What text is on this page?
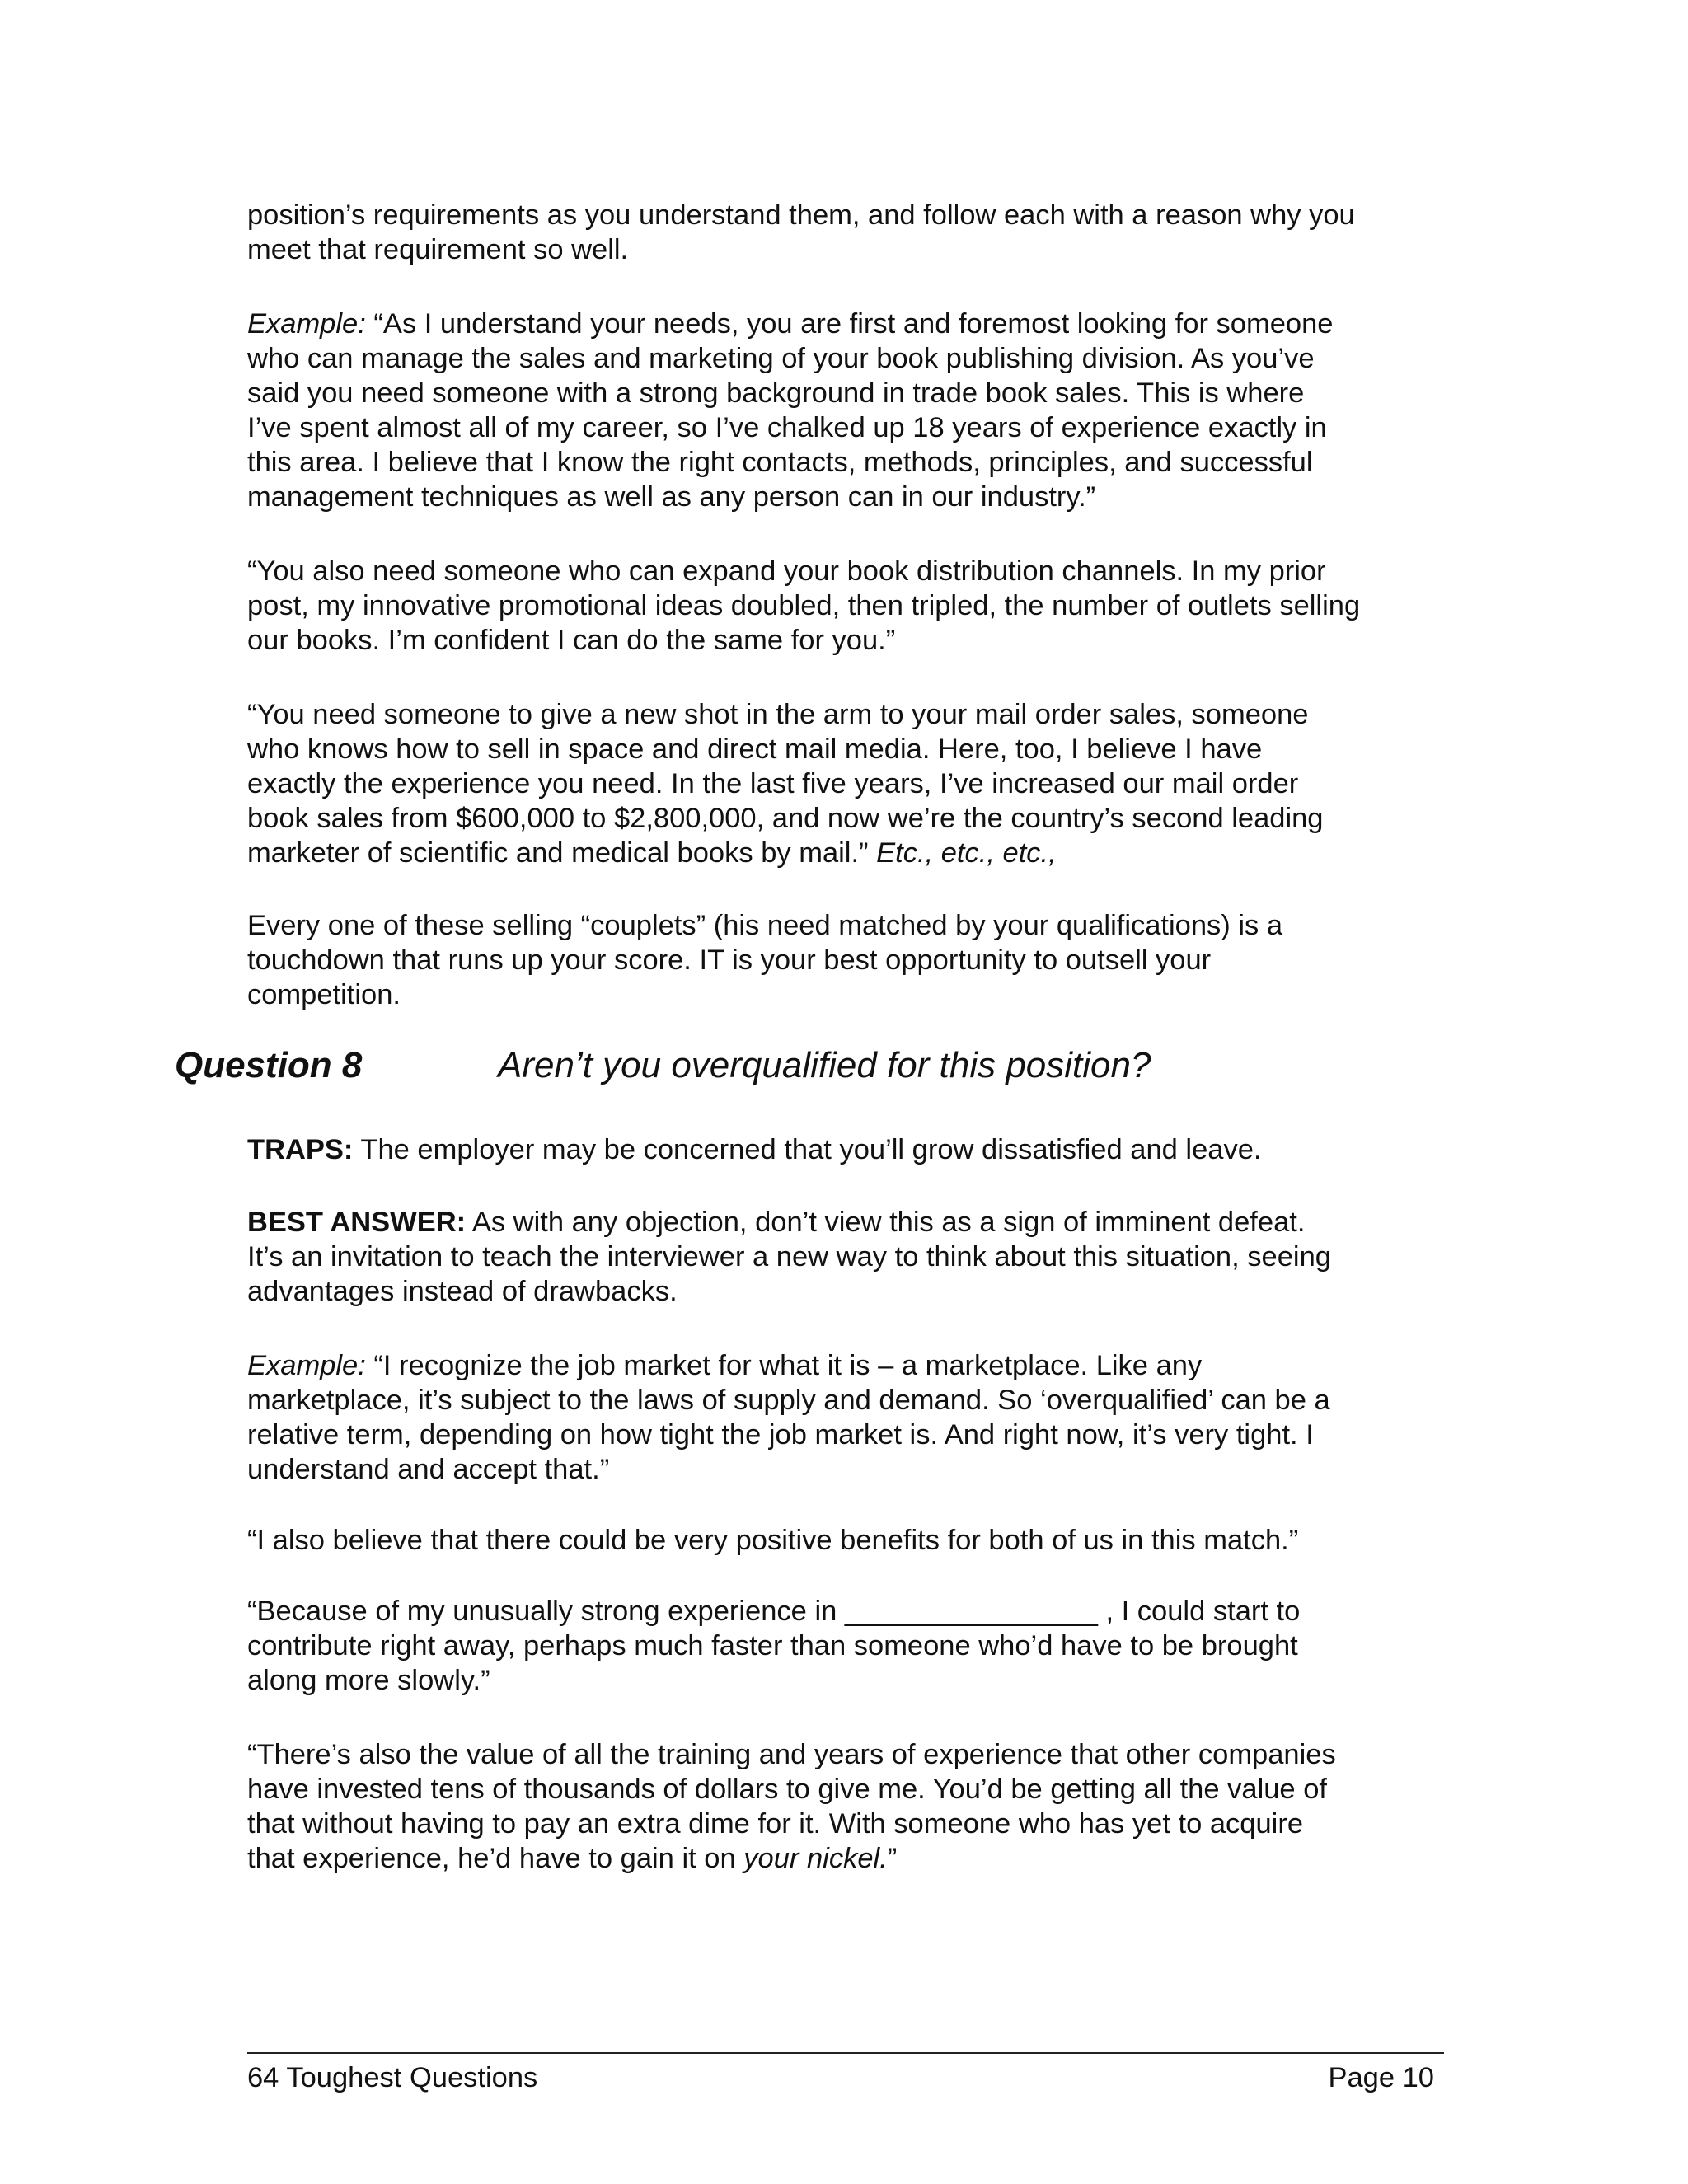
position’s requirements as you understand them, and follow each with a reason why you
meet that requirement so well.

Example: “As I understand your needs, you are first and foremost looking for someone
who can manage the sales and marketing of your book publishing division. As you’ve
said you need someone with a strong background in trade book sales. This is where
I’ve spent almost all of my career, so I’ve chalked up 18 years of experience exactly in
this area. I believe that I know the right contacts, methods, principles, and successful
management techniques as well as any person can in our industry.”

“You also need someone who can expand your book distribution channels. In my prior
post, my innovative promotional ideas doubled, then tripled, the number of outlets selling
our books. I’m confident I can do the same for you.”

“You need someone to give a new shot in the arm to your mail order sales, someone
who knows how to sell in space and direct mail media. Here, too, I believe I have
exactly the experience you need. In the last five years, I’ve increased our mail order
book sales from $600,000 to $2,800,000, and now we’re the country’s second leading
marketer of scientific and medical books by mail.” Etc., etc., etc.,

Every one of these selling “couplets” (his need matched by your qualifications) is a
touchdown that runs up your score. IT is your best opportunity to outsell your
competition.

Question 8	Aren’t you overqualified for this position?

TRAPS: The employer may be concerned that you’ll grow dissatisfied and leave.

BEST ANSWER: As with any objection, don’t view this as a sign of imminent defeat.
It’s an invitation to teach the interviewer a new way to think about this situation, seeing
advantages instead of drawbacks.

Example: “I recognize the job market for what it is – a marketplace. Like any
marketplace, it’s subject to the laws of supply and demand. So ‘overqualified’ can be a
relative term, depending on how tight the job market is. And right now, it’s very tight. I
understand and accept that.”

“I also believe that there could be very positive benefits for both of us in this match.”

“Because of my unusually strong experience in ________________ , I could start to
contribute right away, perhaps much faster than someone who’d have to be brought
along more slowly.”

“There’s also the value of all the training and years of experience that other companies
have invested tens of thousands of dollars to give me. You’d be getting all the value of
that without having to pay an extra dime for it. With someone who has yet to acquire
that experience, he’d have to gain it on your nickel.”

64 Toughest Questions	Page 10
